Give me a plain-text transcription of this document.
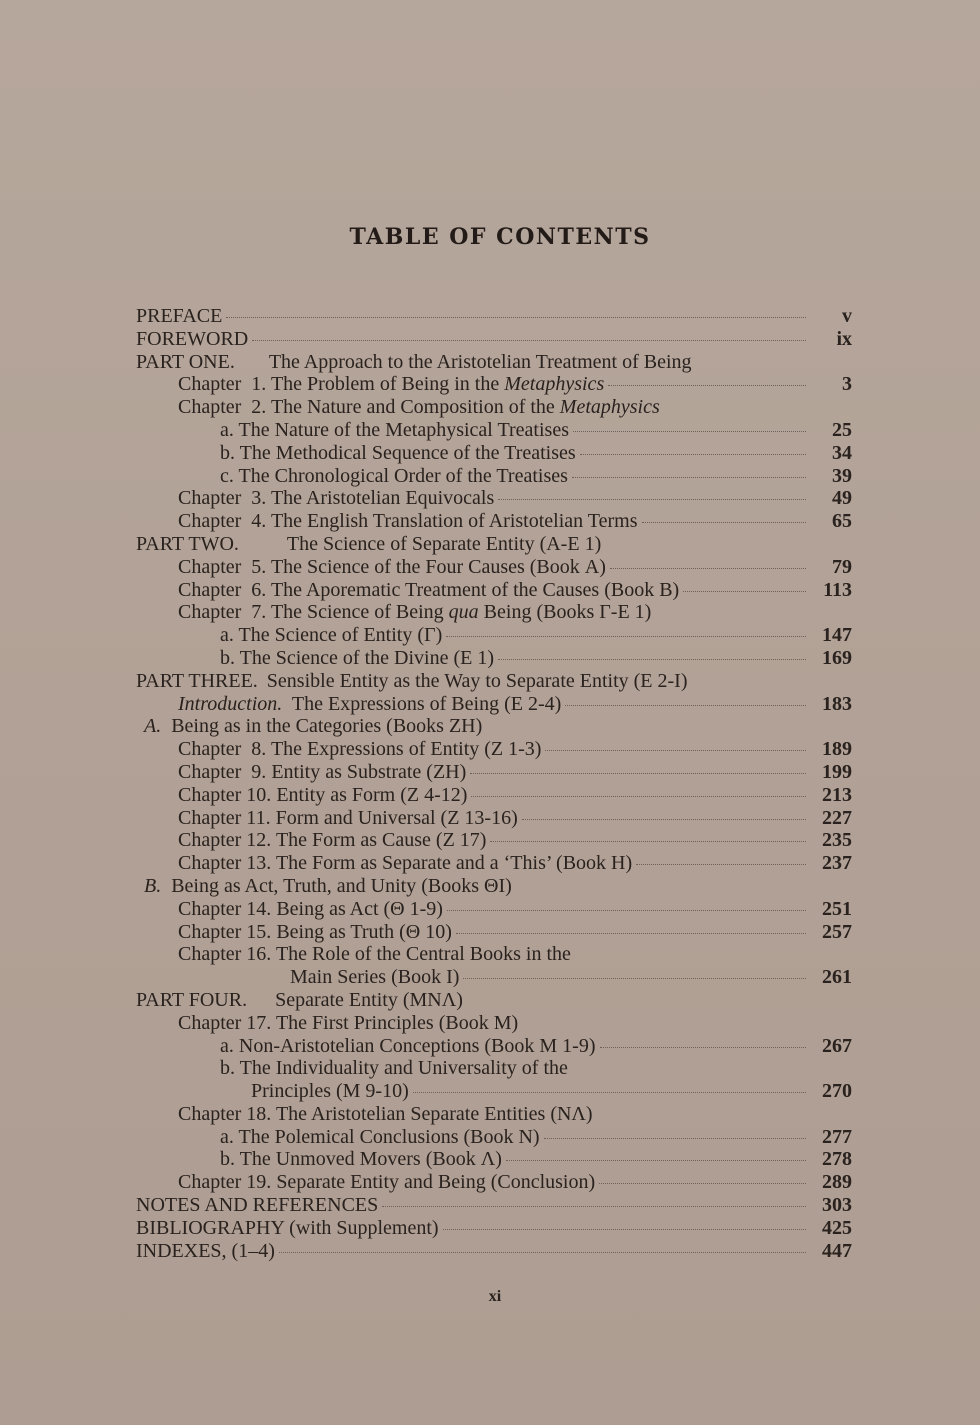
TABLE OF CONTENTS
PREFACE	v
FOREWORD	ix
PART ONE. The Approach to the Aristotelian Treatment of Being
Chapter  1. The Problem of Being in the Metaphysics	3
Chapter  2. The Nature and Composition of the Metaphysics
a. The Nature of the Metaphysical Treatises	25
b. The Methodical Sequence of the Treatises	34
c. The Chronological Order of the Treatises	39
Chapter  3. The Aristotelian Equivocals	49
Chapter  4. The English Translation of Aristotelian Terms	65
PART TWO. The Science of Separate Entity (Α-Ε 1)
Chapter  5. The Science of the Four Causes (Book Α)	79
Chapter  6. The Aporematic Treatment of the Causes (Book Β)	113
Chapter  7. The Science of Being qua Being (Books Γ-Ε 1)
a. The Science of Entity (Γ)	147
b. The Science of the Divine (Ε 1)	169
PART THREE. Sensible Entity as the Way to Separate Entity (Ε 2-Ι)
Introduction. The Expressions of Being (Ε 2-4)	183
A. Being as in the Categories (Books ΖΗ)
Chapter  8. The Expressions of Entity (Ζ 1-3)	189
Chapter  9. Entity as Substrate (ΖΗ)	199
Chapter 10. Entity as Form (Ζ 4-12)	213
Chapter 11. Form and Universal (Ζ 13-16)	227
Chapter 12. The Form as Cause (Ζ 17)	235
Chapter 13. The Form as Separate and a ‘This’ (Book Η)	237
B. Being as Act, Truth, and Unity (Books ΘΙ)
Chapter 14. Being as Act (Θ 1-9)	251
Chapter 15. Being as Truth (Θ 10)	257
Chapter 16. The Role of the Central Books in the
Main Series (Book Ι)	261
PART FOUR. Separate Entity (ΜΝΛ)
Chapter 17. The First Principles (Book Μ)
a. Non-Aristotelian Conceptions (Book Μ 1-9)	267
b. The Individuality and Universality of the
Principles (Μ 9-10)	270
Chapter 18. The Aristotelian Separate Entities (ΝΛ)
a. The Polemical Conclusions (Book Ν)	277
b. The Unmoved Movers (Book Λ)	278
Chapter 19. Separate Entity and Being (Conclusion)	289
NOTES AND REFERENCES	303
BIBLIOGRAPHY (with Supplement)	425
INDEXES, (1–4)	447
xi
